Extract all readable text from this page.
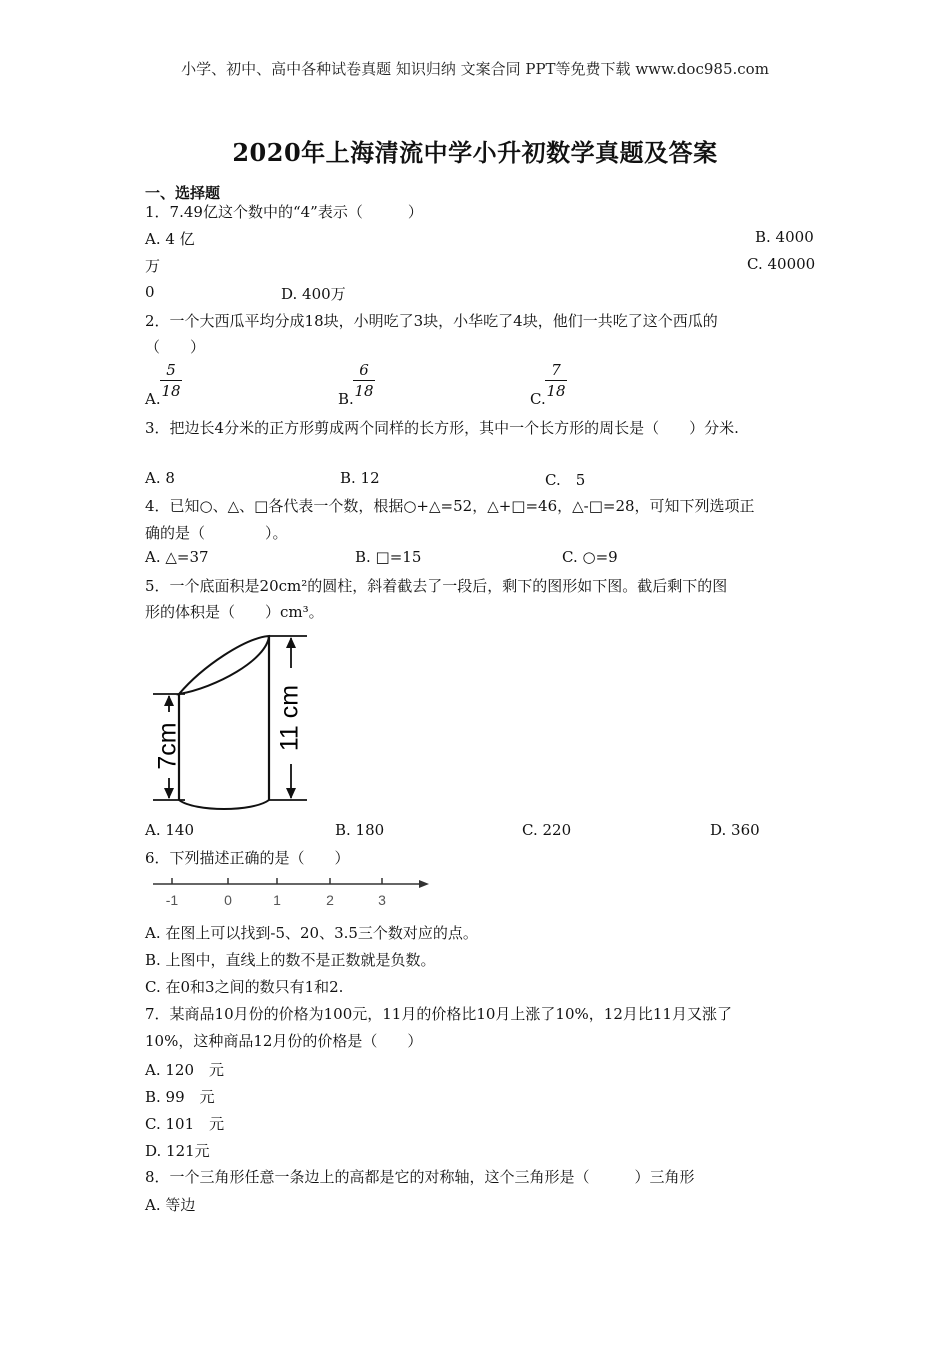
小学、初中、高中各种试卷真题 知识归纳 文案合同 PPT等免费下载 www.doc985.com
2020年上海清流中学小升初数学真题及答案
一、选择题
1．7.49亿这个数中的“4”表示（　　　）
A. 4 亿	B. 4000
万	C. 40000
0	D. 400万
2．一个大西瓜平均分成18块，小明吃了3块，小华吃了4块，他们一共吃了这个西瓜的
（　　）
A.
5
18	B.
6
18	C.
7
18
3．把边长4分米的正方形剪成两个同样的长方形，其中一个长方形的周长是（　　）分米.
A. 8	B. 12	C.　5
4．已知○、△、□各代表一个数，根据○+△=52，△+□=46，△-□=28，可知下列选项正
确的是（　　　　）。
A. △=37	B. □=15	C. ○=9
5．一个底面积是20cm²的圆柱，斜着截去了一段后，剩下的图形如下图。截后剩下的图
形的体积是（　　）cm³。
7cm	11 cm
A. 140	B. 180	C. 220	D. 360
6．下列描述正确的是（　　）
-1	0	1	2	3
A. 在图上可以找到-5、20、3.5三个数对应的点。
B. 上图中，直线上的数不是正数就是负数。
C. 在0和3之间的数只有1和2.
7．某商品10月份的价格为100元，11月的价格比10月上涨了10%，12月比11月又涨了
10%，这种商品12月份的价格是（　　）
A. 120　元
B. 99　元
C. 101　元
D. 121元
8．一个三角形任意一条边上的高都是它的对称轴，这个三角形是（　　　）三角形
A. 等边
